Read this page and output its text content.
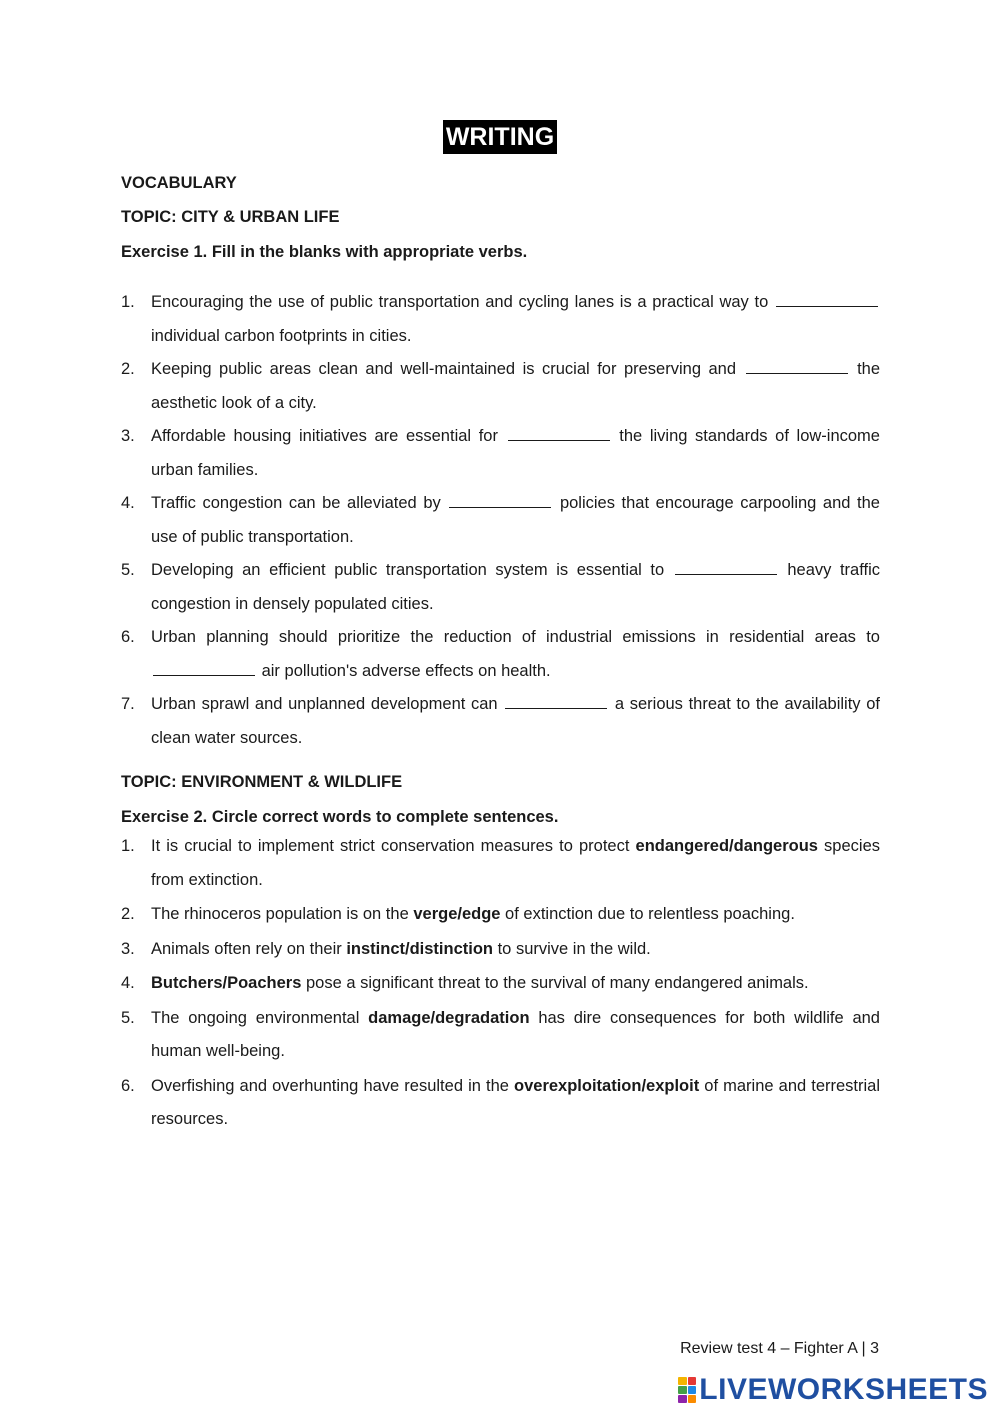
WRITING
VOCABULARY
TOPIC: CITY & URBAN LIFE
Exercise 1. Fill in the blanks with appropriate verbs.
1. Encouraging the use of public transportation and cycling lanes is a practical way to  individual carbon footprints in cities.
2. Keeping public areas clean and well-maintained is crucial for preserving and	the aesthetic look of a city.
3. Affordable housing initiatives are essential for	the living standards of low-income urban families.
4. Traffic congestion can be alleviated by	policies that encourage carpooling and the use of public transportation.
5. Developing an efficient public transportation system is essential to	heavy traffic congestion in densely populated cities.
6. Urban planning should prioritize the reduction of industrial emissions in residential areas to  air pollution's adverse effects on health.
7. Urban sprawl and unplanned development can	a serious threat to the availability of clean water sources.
TOPIC: ENVIRONMENT & WILDLIFE
Exercise 2. Circle correct words to complete sentences.
1. It is crucial to implement strict conservation measures to protect endangered/dangerous species from extinction.
2. The rhinoceros population is on the verge/edge of extinction due to relentless poaching.
3. Animals often rely on their instinct/distinction to survive in the wild.
4. Butchers/Poachers pose a significant threat to the survival of many endangered animals.
5. The ongoing environmental damage/degradation has dire consequences for both wildlife and human well-being.
6. Overfishing and overhunting have resulted in the overexploitation/exploit of marine and terrestrial resources.
Review test 4 – Fighter A | 3
LIVEWORKSHEETS
